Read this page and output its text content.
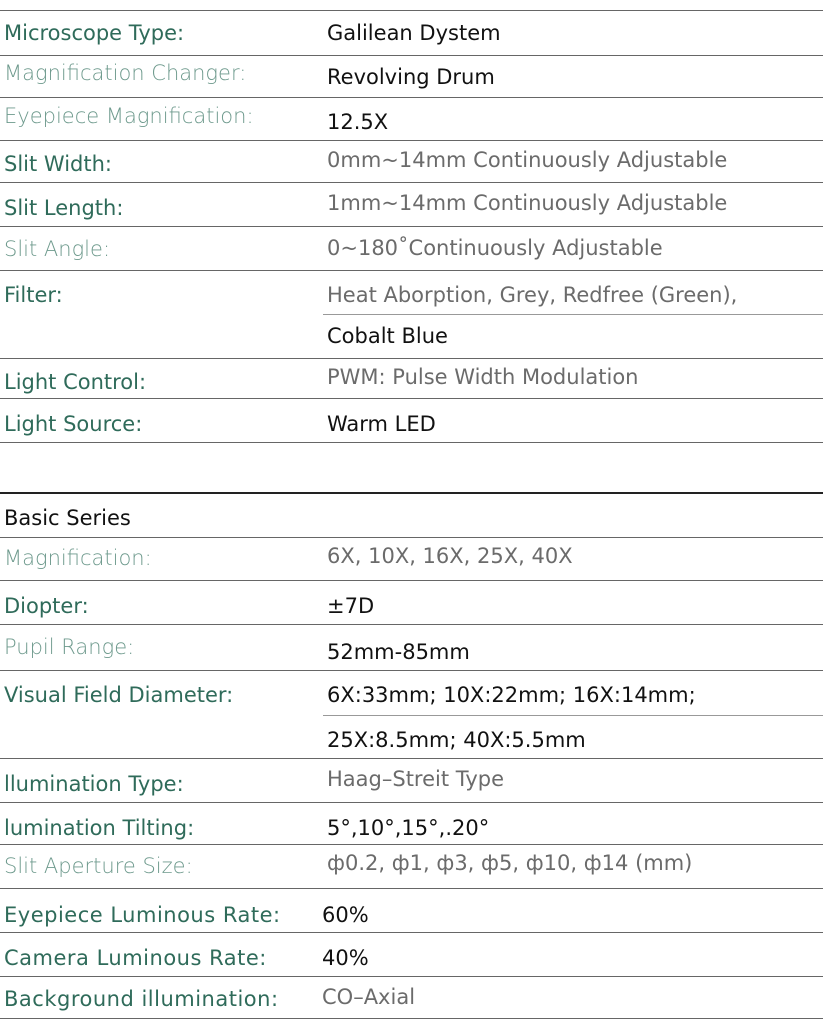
Microscope Type:	Galilean Dystem
Magnification Changer:	Revolving Drum
Eyepiece Magnification:	12.5X
Slit Width:	0mm~14mm Continuously Adjustable
Slit Length:	1mm~14mm Continuously Adjustable
Slit Angle:	0~180˚Continuously Adjustable
Filter:	Heat Aborption, Grey, Redfree (Green),
Cobalt Blue
Light Control:	PWM: Pulse Width Modulation
Light Source:	Warm LED
Basic Series
Magnification:	6X, 10X, 16X, 25X, 40X
Diopter:	±7D
Pupil Range:	52mm-85mm
Visual Field Diameter:	6X:33mm; 10X:22mm; 16X:14mm;
25X:8.5mm; 40X:5.5mm
llumination Type:	Haag–Streit Type
lumination Tilting:	5°,10°,15°,.20°
Slit Aperture Size:	ф0.2, ф1, ф3, ф5, ф10, ф14 (mm)
Eyepiece Luminous Rate: 60%
Camera Luminous Rate:	40%
Background illumination: CO–Axial
